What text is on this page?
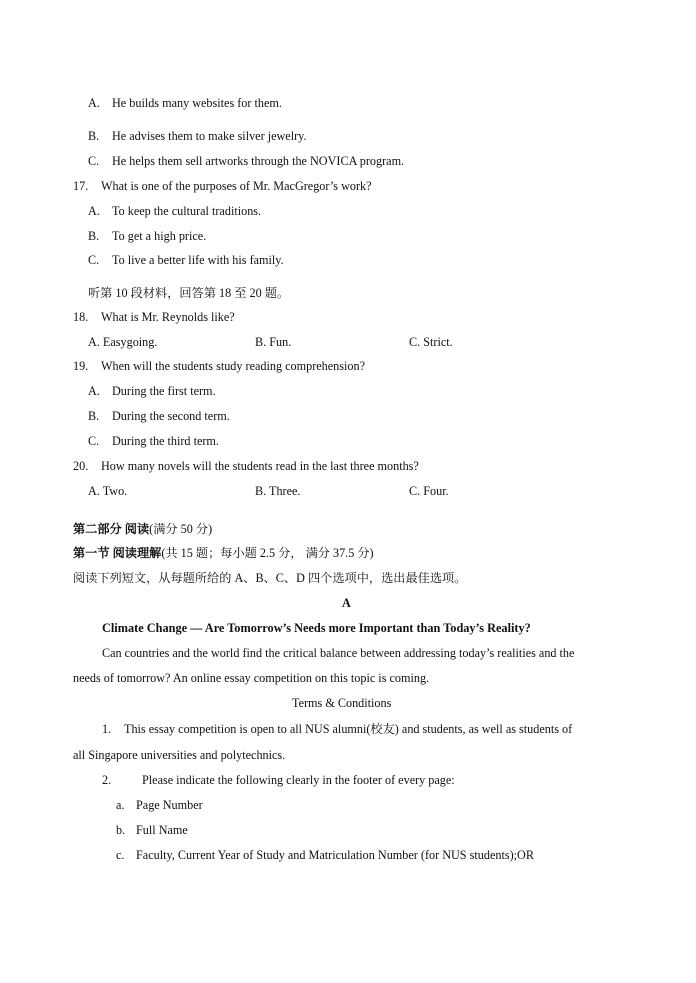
A. He builds many websites for them.
B. He advises them to make silver jewelry.
C. He helps them sell artworks through the NOVICA program.
17. What is one of the purposes of Mr. MacGregor’s work?
A. To keep the cultural traditions.
B. To get a high price.
C. To live a better life with his family.
听第 10 段材料，回答第 18 至 20 题。
18. What is Mr. Reynolds like?
A. Easygoing.	B. Fun.	C. Strict.
19. When will the students study reading comprehension?
A. During the first term.
B. During the second term.
C. During the third term.
20. How many novels will the students read in the last three months?
A. Two.	B. Three.	C. Four.
第二部分 阅读(满分 50 分)
第一节 阅读理解(共 15 题；每小题 2.5 分， 满分 37.5 分)
阅读下列短文，从每题所给的 A、B、C、D 四个选项中，选出最佳选项。
A
Climate Change — Are Tomorrow’s Needs more Important than Today’s Reality?
Can countries and the world find the critical balance between addressing today’s realities and the
needs of tomorrow? An online essay competition on this topic is coming.
Terms & Conditions
1. This essay competition is open to all NUS alumni(校友) and students, as well as students of
all Singapore universities and polytechnics.
2.	Please indicate the following clearly in the footer of every page:
a. Page Number
b. Full Name
c. Faculty, Current Year of Study and Matriculation Number (for NUS students);OR
